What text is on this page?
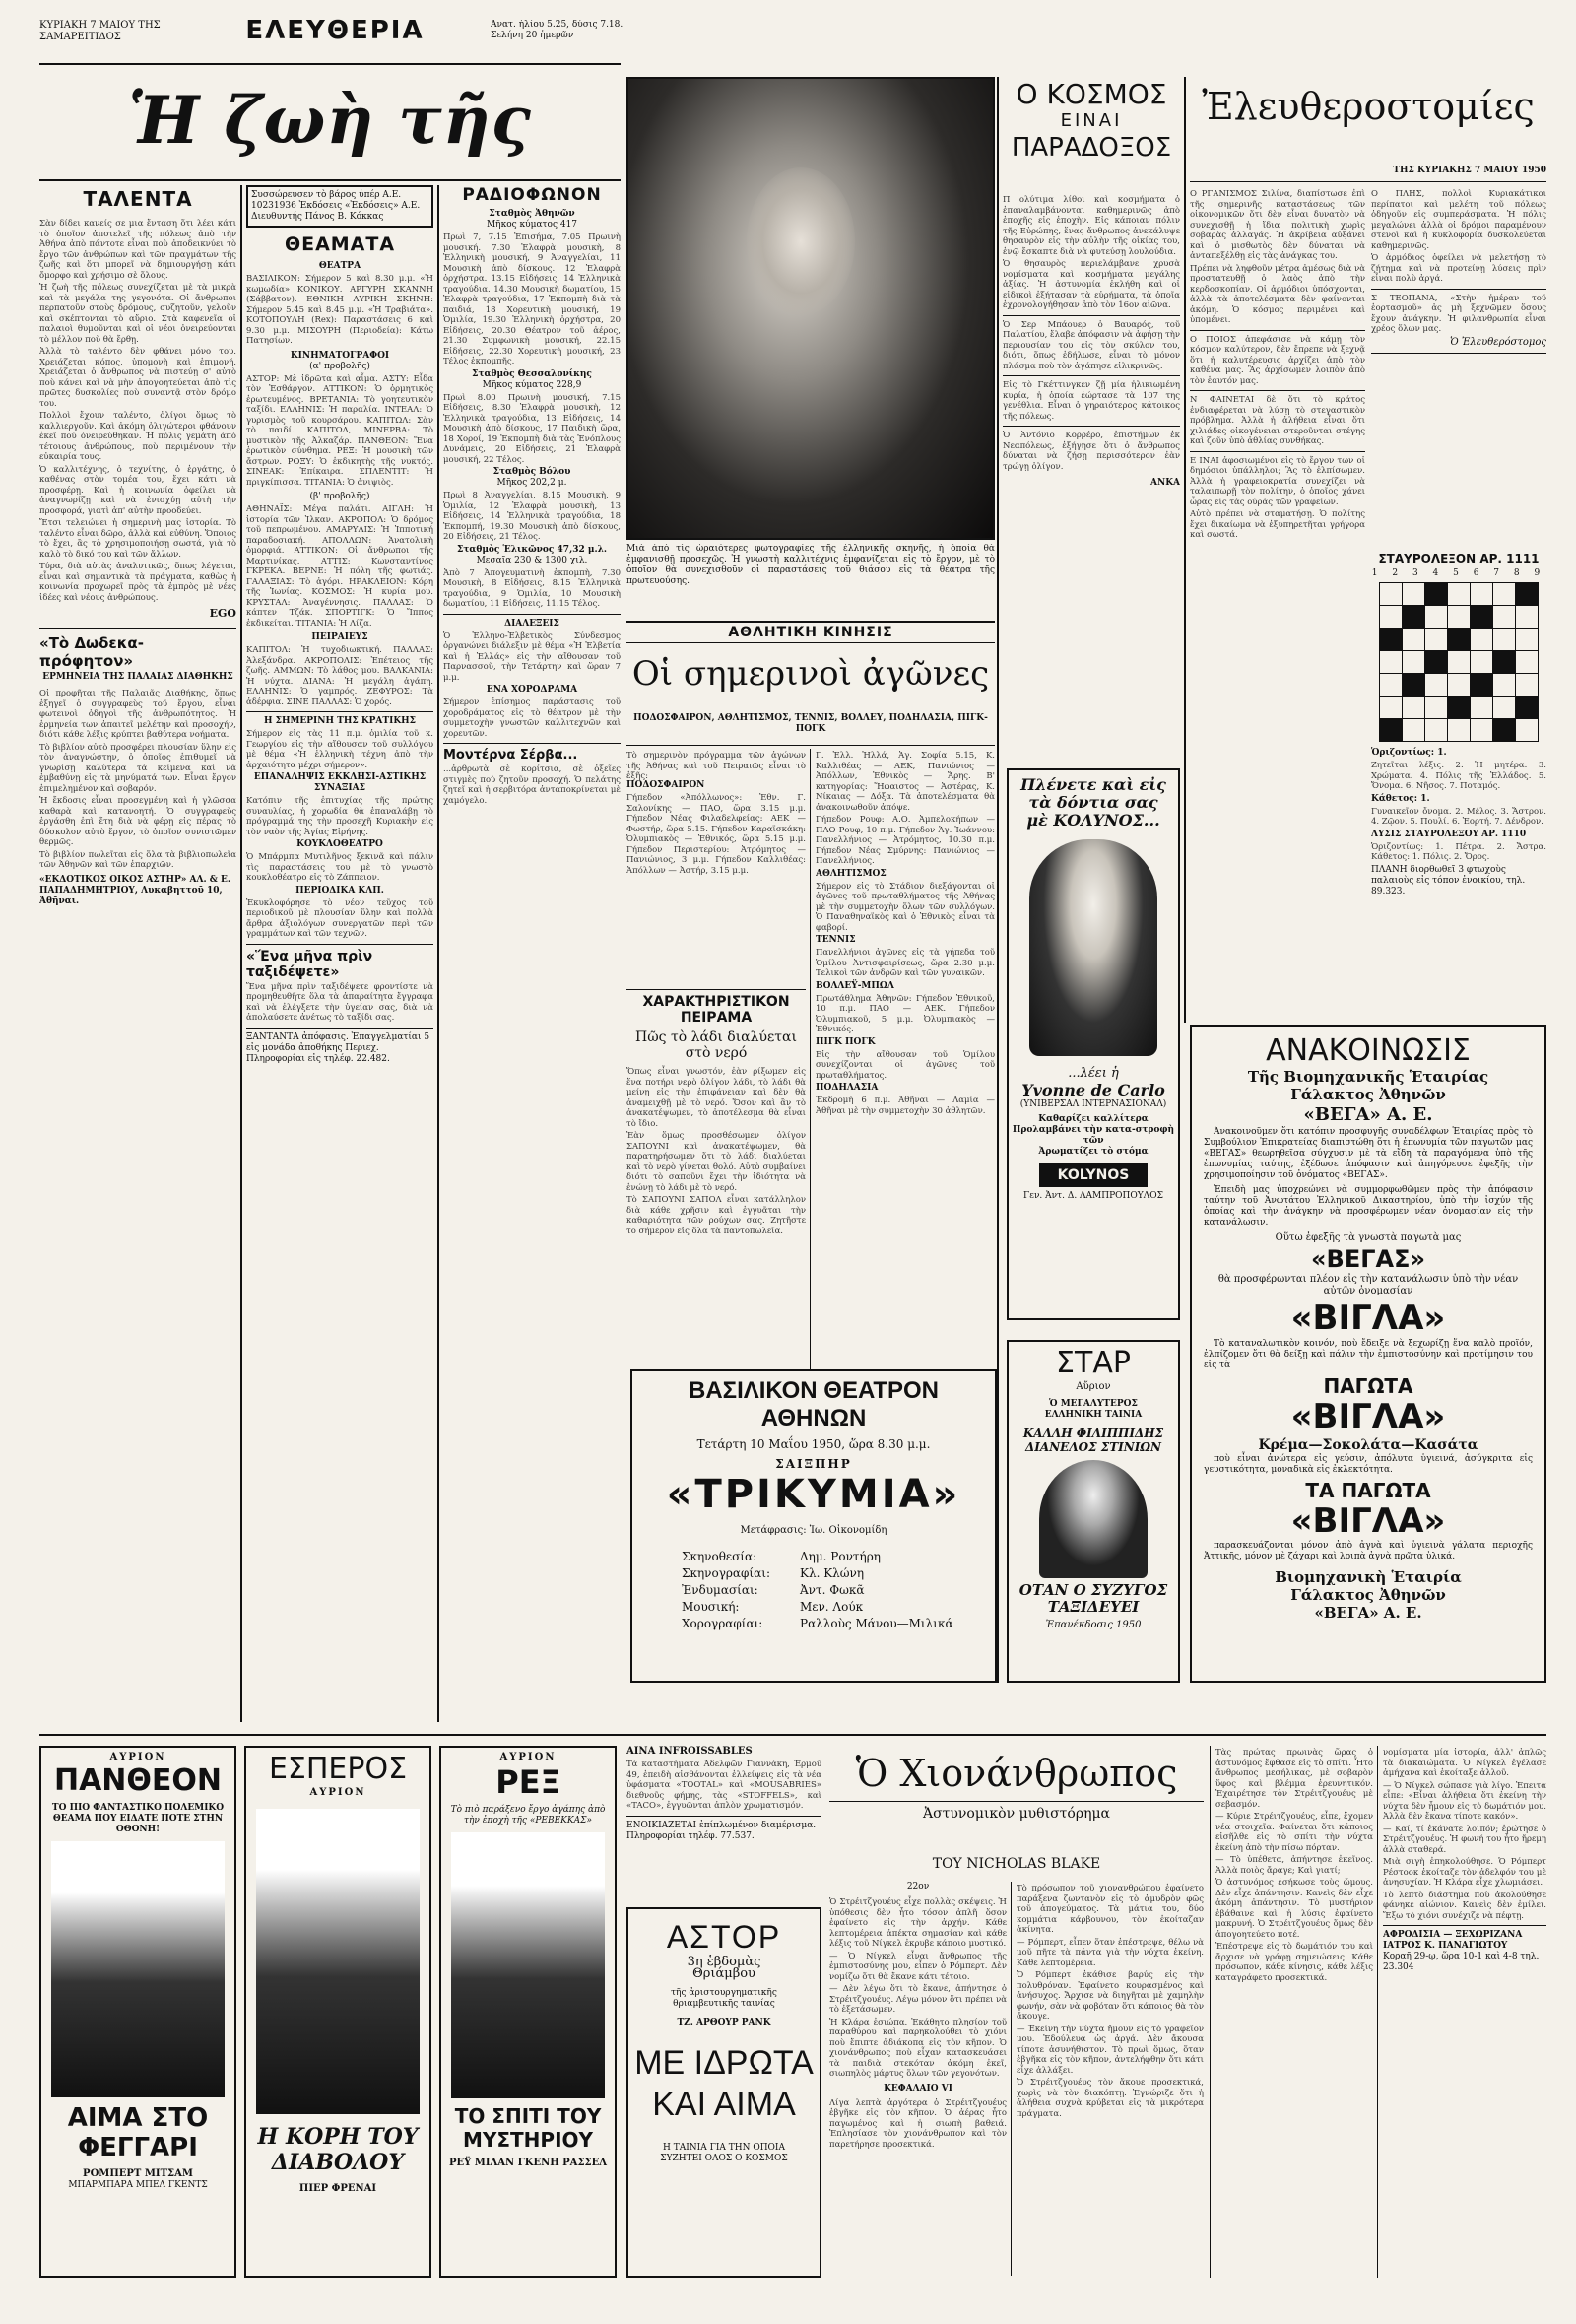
ΚΥΡΙΑΚΗ 7 ΜΑΪΟΥ ΤΗΣ ΣΑΜΑΡΕΙΤΙΔΟΣ	ΕΛΕΥΘΕΡΙΑ	Ἀνατ. ἡλίου 5.25, δύσις 7.18. Σελήνη 20 ἡμερῶν
Ἡ ζωὴ τῆς
ΤΑΛΕΝΤΑ

Σὰν δίδει κανείς σε μια ἔνταση ὅτι λέει κάτι τὸ ὁποῖον ἀποτελεῖ τῆς πόλεως ἀπὸ τὴν Ἀθήνα ἀπὸ πάντοτε εἶναι ποὺ ἀποδεικνύει τὸ ἔργο τῶν ἀνθρώπων καὶ τῶν πραγμάτων τῆς ζωῆς καὶ ὅτι μπορεῖ νὰ δημιουργήσῃ κάτι ὄμορφο καὶ χρήσιμο σὲ ὅλους.

Ἡ ζωὴ τῆς πόλεως συνεχίζεται μὲ τὰ μικρὰ καὶ τὰ μεγάλα της γεγονότα. Οἱ ἄνθρωποι περπατοῦν στοὺς δρόμους, συζητοῦν, γελοῦν καὶ σκέπτονται τὸ αὔριο. Στὰ καφενεῖα οἱ παλαιοὶ θυμοῦνται καὶ οἱ νέοι ὀνειρεύονται τὸ μέλλον ποὺ θὰ ἔρθῃ.

Ἀλλὰ τὸ ταλέντο δὲν φθάνει μόνο του. Χρειάζεται κόπος, ὑπομονὴ καὶ ἐπιμονή. Χρειάζεται ὁ ἄνθρωπος νὰ πιστεύῃ σ' αὐτὸ ποὺ κάνει καὶ νὰ μὴν ἀπογοητεύεται ἀπὸ τὶς πρῶτες δυσκολίες ποὺ συναντᾷ στὸν δρόμο του.

Πολλοὶ ἔχουν ταλέντο, ὀλίγοι ὅμως τὸ καλλιεργοῦν. Καὶ ἀκόμη ὀλιγώτεροι φθάνουν ἐκεῖ ποὺ ὀνειρεύθηκαν. Ἡ πόλις γεμάτη ἀπὸ τέτοιους ἀνθρώπους, ποὺ περιμένουν τὴν εὐκαιρία τους.

Ὁ καλλιτέχνης, ὁ τεχνίτης, ὁ ἐργάτης, ὁ καθένας στὸν τομέα του, ἔχει κάτι νὰ προσφέρῃ. Καὶ ἡ κοινωνία ὀφείλει νὰ ἀναγνωρίζῃ καὶ νὰ ἐνισχύῃ αὐτὴ τὴν προσφορά, γιατὶ ἀπ' αὐτὴν προοδεύει.

Ἔτσι τελειώνει ἡ σημερινὴ μας ἱστορία. Τὸ ταλέντο εἶναι δῶρο, ἀλλὰ καὶ εὐθύνη. Ὅποιος τὸ ἔχει, ἂς τὸ χρησιμοποιήσῃ σωστά, γιὰ τὸ καλὸ τὸ δικό του καὶ τῶν ἄλλων.

Τύρα, διὰ αὐτὰς ἀναλυτικῶς, ὅπως λέγεται, εἶναι καὶ σημαντικὰ τὰ πράγματα, καθὼς ἡ κοινωνία προχωρεῖ πρὸς τὰ ἐμπρὸς μὲ νέες ἰδέες καὶ νέους ἀνθρώπους.

EGO
«Τὸ Δωδεκα-πρόφητον»
ΕΡΜΗΝΕΙΑ ΤΗΣ ΠΑΛΑΙΑΣ ΔΙΑΘΗΚΗΣ

Οἱ προφῆται τῆς Παλαιᾶς Διαθήκης, ὅπως ἐξηγεῖ ὁ συγγραφεὺς τοῦ ἔργου, εἶναι φωτεινοὶ ὁδηγοὶ τῆς ἀνθρωπότητος. Ἡ ἑρμηνεία των ἀπαιτεῖ μελέτην καὶ προσοχήν, διότι κάθε λέξις κρύπτει βαθύτερα νοήματα.

Τὸ βιβλίον αὐτὸ προσφέρει πλουσίαν ὕλην εἰς τὸν ἀναγνώστην, ὁ ὁποῖος ἐπιθυμεῖ νὰ γνωρίσῃ καλύτερα τὰ κείμενα καὶ νὰ ἐμβαθύνῃ εἰς τὰ μηνύματά των. Εἶναι ἔργον ἐπιμελημένον καὶ σοβαρόν.

Ἡ ἔκδοσις εἶναι προσεγμένη καὶ ἡ γλῶσσα καθαρὰ καὶ κατανοητή. Ὁ συγγραφεὺς ἐργάσθη ἐπὶ ἔτη διὰ νὰ φέρῃ εἰς πέρας τὸ δύσκολον αὐτὸ ἔργον, τὸ ὁποῖον συνιστῶμεν θερμῶς.

Τὸ βιβλίον πωλεῖται εἰς ὅλα τὰ βιβλιοπωλεῖα τῶν Ἀθηνῶν καὶ τῶν ἐπαρχιῶν.

«ΕΚΔΟΤΙΚΟΣ ΟΙΚΟΣ ΑΣΤΗΡ» ΑΛ. & Ε. ΠΑΠΑΔΗΜΗΤΡΙΟΥ, Λυκαβηττοῦ 10, Ἀθῆναι.
Συσσώρευσεν τὸ βάρος ὑπέρ Α.Ε. 10231936 Ἐκδόσεις «Ἐκδόσεις» Α.Ε. Διευθυντής Πάνος Β. Κόκκας
ΘΕΑΜΑΤΑ
ΘΕΑΤΡΑ

ΒΑΣΙΛΙΚΟΝ: Σήμερον 5 καὶ 8.30 μ.μ. «Ἡ κωμωδία» ΚΟΝΙΚΟΥ. ΑΡΓΥΡΗ ΣΚΑΝΝΗ (Σάββατον). ΕΘΝΙΚΗ ΛΥΡΙΚΗ ΣΚΗΝΗ: Σήμερον 5.45 καὶ 8.45 μ.μ. «Ἡ Τραβιάτα». ΚΟΤΟΠΟΥΛΗ (Rex): Παραστάσεις 6 καὶ 9.30 μ.μ. ΜΙΣΟΥΡΗ (Περιοδεία): Κάτω Πατησίων.

ΚΙΝΗΜΑΤΟΓΡΑΦΟΙ
(α' προβολῆς)

ΑΣΤΟΡ: Μὲ ἰδρῶτα καὶ αἷμα. ΑΣΤΥ: Εἶδα τὸν Ἐσθάργον. ΑΤΤΙΚΟΝ: Ὁ ὁρμητικὸς ἐρωτευμένος. ΒΡΕΤΑΝΙΑ: Τὸ γοητευτικὸν ταξίδι. ΕΛΛΗΝΙΣ: Ἡ παραλία. ΙΝΤΕΑΛ: Ὁ γυρισμὸς τοῦ κουρσάρου. ΚΑΠΙΤΩΛ: Σὰν τὸ παιδί. ΚΑΠΙΤΩΛ, ΜΙΝΕΡΒΑ: Τὸ μυστικὸν τῆς Ἀλκαζάρ. ΠΑΝΘΕΟΝ: Ἕνα ἐρωτικὸν σύνθημα. ΡΕΞ: Ἡ μουσικὴ τῶν ἄστρων. ΡΟΞΥ: Ὁ ἐκδικητὴς τῆς νυκτός. ΣΙΝΕΑΚ: Ἐπίκαιρα. ΣΠΛΕΝΤΙΤ: Ἡ πριγκίπισσα. ΤΙΤΑΝΙΑ: Ὁ ἀνιψιὸς.

(β' προβολῆς)

ΑΘΗΝΑΪΣ: Μέγα παλάτι. ΑΙΓΛΗ: Ἡ ἱστορία τῶν Ἰλκαν. ΑΚΡΟΠΟΛ: Ὁ δρόμος τοῦ πεπρωμένου. ΑΜΑΡΥΛΙΣ: Ἡ Ἰπποτική παραδοσιακή. ΑΠΟΛΛΩΝ: Ἀνατολικὴ ὁμορφιά. ΑΤΤΙΚΟΝ: Οἱ ἄνθρωποι τῆς Μαρτινίκας. ΑΤΤΙΣ: Κωνσταντίνος ΓΚΡΕΚΑ. ΒΕΡΝΕ: Ἡ πόλη τῆς φωτιάς. ΓΑΛΑΞΙΑΣ: Τὸ ἀγόρι. ΗΡΑΚΛΕΙΟΝ: Κόρη τῆς Ἰωνίας. ΚΟΣΜΟΣ: Ἡ κυρία μου. ΚΡΥΣΤΑΛ: Ἀναγέννησις. ΠΑΛΛΑΣ: Ὁ κάπτεν Τζάκ. ΣΠΟΡΤΙΓΚ: Ὁ Ἴππος ἐκδικείται. ΤΙΤΑΝΙΑ: Ἡ Λίζα.

ΠΕΙΡΑΙΕΥΣ

ΚΑΠΙΤΟΛ: Ἡ τυχοδιωκτική. ΠΑΛΛΑΣ: Ἀλεξάνδρα. ΑΚΡΟΠΟΛΙΣ: Ἐπέτειος τῆς ζωῆς. ΑΜΜΩΝ: Τὸ λάθος μου. ΒΑΛΚΑΝΙΑ: Ἡ νύχτα. ΔΙΑΝΑ: Ἡ μεγάλη ἀγάπη. ΕΛΛΗΝΙΣ: Ὁ γαμπρός. ΖΕΦΥΡΟΣ: Τὰ ἀδέρφια. ΣΙΝΕ ΠΑΛΛΑΣ: Ὁ χορός.

Η ΣΗΜΕΡΙΝΗ ΤΗΣ ΚΡΑΤΙΚΗΣ

Σήμερον εἰς τὰς 11 π.μ. ὁμιλία τοῦ κ. Γεωργίου εἰς τὴν αἴθουσαν τοῦ συλλόγου μὲ θέμα «Ἡ ἑλληνικὴ τέχνη ἀπὸ τὴν ἀρχαιότητα μέχρι σήμερον».

ΕΠΑΝΑΛΗΨΙΣ ΕΚΚΛΗΣΙ-ΑΣΤΙΚΗΣ ΣΥΝΑΞΙΑΣ

Κατόπιν τῆς ἐπιτυχίας τῆς πρώτης συναυλίας, ἡ χορωδία θὰ ἐπαναλάβῃ τὸ πρόγραμμά της τὴν προσεχῆ Κυριακὴν εἰς τὸν ναὸν τῆς Ἁγίας Εἰρήνης.

ΚΟΥΚΛΟΘΕΑΤΡΟ

Ὁ Μπάρμπα Μυτιλῆνος ξεκινᾶ καὶ πάλιν τὶς παραστάσεις του μὲ τὸ γνωστὸ κουκλοθέατρο εἰς τὸ Ζάππειον.

ΠΕΡΙΟΔΙΚΑ ΚΛΠ.

Ἐκυκλοφόρησε τὸ νέον τεῦχος τοῦ περιοδικοῦ μὲ πλουσίαν ὕλην καὶ πολλὰ ἄρθρα ἀξιολόγων συνεργατῶν περὶ τῶν γραμμάτων καὶ τῶν τεχνῶν.

«Ἕνα μῆνα πρὶν ταξιδέψετε»

Ἕνα μῆνα πρὶν ταξιδέψετε φροντίστε νὰ προμηθευθῆτε ὅλα τὰ ἀπαραίτητα ἔγγραφα καὶ νὰ ἐλέγξετε τὴν ὑγείαν σας, διὰ νὰ ἀπολαύσετε ἀνέτως τὸ ταξίδι σας.

ΞΑΝΤΑΝΤΑ ἀπόφασις. Ἐπαγγελματίαι 5 εἰς μονάδα ἀποθήκης Περιεχ. Πληροφορίαι εἰς τηλέφ. 22.482.
ΡΑΔΙΟΦΩΝΟΝ
Σταθμὸς Ἀθηνῶν
Μῆκος κύματος 417

Πρωὶ 7, 7.15 Ἐπισήμα, 7.05 Πρωινὴ μουσική. 7.30 Ἐλαφρὰ μουσικὴ, 8 Ἐλληνικὴ μουσική, 9 Ἀναγγελίαι, 11 Μουσικὴ ἀπὸ δίσκους. 12 Ἐλαφρὰ ὀρχήστρα. 13.15 Εἰδήσεις. 14 Ἐλληνικὰ τραγούδια. 14.30 Μουσικὴ δωματίου, 15 Ἐλαφρὰ τραγούδια, 17 Ἐκπομπὴ διὰ τὰ παιδιά, 18 Χορευτικὴ μουσική, 19 Ὁμιλία, 19.30 Ἑλληνικὴ ὀρχήστρα, 20 Εἰδήσεις, 20.30 Θέατρον τοῦ ἀέρος, 21.30 Συμφωνικὴ μουσική, 22.15 Εἰδήσεις, 22.30 Χορευτικὴ μουσική, 23 Τέλος ἐκπομπῆς.

Σταθμὸς Θεσσαλονίκης
Μῆκος κύματος 228,9

Πρωὶ 8.00 Πρωινὴ μουσική, 7.15 Εἰδήσεις, 8.30 Ἐλαφρὰ μουσικὴ, 12 Ἐλληνικὰ τραγούδια, 13 Εἰδήσεις, 14 Μουσικὴ ἀπὸ δίσκους, 17 Παιδικὴ ὥρα, 18 Χοροί, 19 Ἐκπομπὴ διὰ τὰς Ἐνόπλους Δυνάμεις, 20 Εἰδήσεις, 21 Ἐλαφρὰ μουσική, 22 Τέλος.

Σταθμὸς Βόλου
Μῆκος 202,2 μ.

Πρωὶ 8 Ἀναγγελίαι, 8.15 Μουσικὴ, 9 Ὁμιλία, 12 Ἐλαφρὰ μουσικὴ, 13 Εἰδήσεις, 14 Ἐλληνικὰ τραγούδια, 18 Ἐκπομπή, 19.30 Μουσικὴ ἀπὸ δίσκους, 20 Εἰδήσεις, 21 Τέλος.

Σταθμὸς Ἑλικῶνος 47,32 μ.λ.
Μεσαῖα 230 & 1300 χιλ.

Ἀπὸ 7 Ἀπογευματινὴ ἐκπομπὴ, 7.30 Μουσικὴ, 8 Εἰδήσεις, 8.15 Ἐλληνικὰ τραγούδια, 9 Ὁμιλία, 10 Μουσικὴ δωματίου, 11 Εἰδήσεις, 11.15 Τέλος.

ΔΙΑΛΕΞΕΙΣ

Ὁ Ἑλληνο-Ἑλβετικὸς Σύνδεσμος ὀργανώνει διάλεξιν μὲ θέμα «Ἡ Ἑλβετία καὶ ἡ Ἑλλάς» εἰς τὴν αἴθουσαν τοῦ Παρνασσοῦ, τὴν Τετάρτην καὶ ὥραν 7 μ.μ.

ΕΝΑ ΧΟΡΟΔΡΑΜΑ

Σήμερον ἐπίσημος παράστασις τοῦ χοροδράματος εἰς τὸ θέατρον μὲ τὴν συμμετοχὴν γνωστῶν καλλιτεχνῶν καὶ χορευτῶν.

Μοντέρνα Σέρβα...

...ἀρθρωτὰ σὲ κορίτσια, σὲ ὀξεῖες στιγμὲς ποὺ ζητοῦν προσοχή. Ὁ πελάτης ζητεῖ καὶ ἡ σερβιτόρα ἀνταποκρίνεται μὲ χαμόγελο.

Μιὰ ἀπὸ τὶς ὡραιότερες φωτογραφίες τῆς ἐλληνικῆς σκηνῆς, ἡ ὁποία θὰ ἐμφανισθῇ προσεχῶς. Ἡ γνωστὴ καλλιτέχνις ἐμφανίζεται εἰς τὸ ἔργον, μὲ τὸ ὁποῖον θὰ συνεχισθοῦν οἱ παραστάσεις τοῦ θιάσου εἰς τὰ θέατρα τῆς πρωτευούσης.
ΑΘΛΗΤΙΚΗ ΚΙΝΗΣΙΣ
Οἱ σημερινοὶ ἀγῶνες
ΠΟΔΟΣΦΑΙΡΟΝ, ΑΘΛΗΤΙΣΜΟΣ, ΤΕΝΝΙΣ, ΒΟΛΛΕΫ, ΠΟΔΗΛΑΣΙΑ, ΠΙΓΚ-ΠΟΓΚ

Τὸ σημερινὸν πρόγραμμα τῶν ἀγώνων τῆς Ἀθήνας καὶ τοῦ Πειραιῶς εἶναι τὸ ἑξῆς:

ΠΟΔΟΣΦΑΙΡΟΝ

Γήπεδον «Ἀπόλλωνος»: Ἐθν. Γ. Σαλονίκης — ΠΑΟ, ὥρα 3.15 μ.μ. Γήπεδον Νέας Φιλαδελφείας: ΑΕΚ — Φωστήρ, ὥρα 5.15. Γήπεδον Καραϊσκάκη: Ὀλυμπιακὸς — Ἐθνικός, ὥρα 5.15 μ.μ. Γήπεδον Περιστερίου: Ἀτρόμητος — Πανιώνιος, 3 μ.μ. Γήπεδον Καλλιθέας: Ἀπόλλων — Ἀστήρ, 3.15 μ.μ.

Γ. Ἑλλ. Ἠλλά, Ἁγ. Σοφία 5.15, Κ. Καλλιθέας — ΑΕΚ, Πανιώνιος — Ἀπόλλων, Ἐθνικὸς — Ἄρης. Β' κατηγορίας: Ἥφαιστος — Ἀστέρας, Κ. Νίκαιας — Δόξα. Τὰ ἀποτελέσματα θὰ ἀνακοινωθοῦν ἀπόψε.

Γήπεδον Ρουφ: Α.Ο. Ἀμπελοκήπων — ΠΑΟ Ρουφ, 10 π.μ. Γήπεδον Ἁγ. Ἰωάννου: Πανελλήνιος — Ἀτρόμητος, 10.30 π.μ. Γήπεδον Νέας Σμύρνης: Πανιώνιος — Πανελλήνιος.

ΑΘΛΗΤΙΣΜΟΣ

Σήμερον εἰς τὸ Στάδιον διεξάγονται οἱ ἀγῶνες τοῦ πρωταθλήματος τῆς Ἀθήνας μὲ τὴν συμμετοχὴν ὅλων τῶν συλλόγων. Ὁ Παναθηναϊκὸς καὶ ὁ Ἐθνικὸς εἶναι τὰ φαβορί.

ΤΕΝΝΙΣ

Πανελλήνιοι ἀγῶνες εἰς τὰ γήπεδα τοῦ Ὁμίλου Ἀντισφαιρίσεως, ὥρα 2.30 μ.μ. Τελικοὶ τῶν ἀνδρῶν καὶ τῶν γυναικῶν.

ΒΟΛΛΕΫ-ΜΠΩΛ

Πρωτάθλημα Ἀθηνῶν: Γήπεδον Ἐθνικοῦ, 10 π.μ. ΠΑΟ — ΑΕΚ. Γήπεδον Ὀλυμπιακοῦ, 5 μ.μ. Ὀλυμπιακὸς — Ἐθνικός.

ΠΙΓΚ ΠΟΓΚ

Εἰς τὴν αἴθουσαν τοῦ Ὁμίλου συνεχίζονται οἱ ἀγῶνες τοῦ πρωταθλήματος.

ΠΟΔΗΛΑΣΙΑ

Ἐκδρομὴ 6 π.μ. Ἀθῆναι — Λαμία — Ἀθῆναι μὲ τὴν συμμετοχὴν 30 ἀθλητῶν.

ΧΑΡΑΚΤΗΡΙΣΤΙΚΟΝ ΠΕΙΡΑΜΑ
Πῶς τὸ λάδι διαλύεται στὸ νερό

Ὅπως εἶναι γνωστόν, ἐὰν ρίξωμεν εἰς ἕνα ποτήρι νερὸ ὀλίγον λάδι, τὸ λάδι θὰ μείνῃ εἰς τὴν ἐπιφάνειαν καὶ δὲν θὰ ἀναμειχθῇ μὲ τὸ νερό. Ὅσον καὶ ἂν τὸ ἀνακατέψωμεν, τὸ ἀποτέλεσμα θὰ εἶναι τὸ ἴδιο.

Ἐὰν ὅμως προσθέσωμεν ὀλίγον ΣΑΠΟΥΝΙ καὶ ἀνακατέψωμεν, θὰ παρατηρήσωμεν ὅτι τὸ λάδι διαλύεται καὶ τὸ νερὸ γίνεται θολό. Αὐτὸ συμβαίνει διότι τὸ σαποῦνι ἔχει τὴν ἰδιότητα νὰ ἑνώνῃ τὸ λάδι μὲ τὸ νερό.

Τὸ ΣΑΠΟΥΝΙ ΣΑΠΟΛ εἶναι κατάλληλον διὰ κάθε χρῆσιν καὶ ἐγγυᾶται τὴν καθαριότητα τῶν ρούχων σας. Ζητῆστε το σήμερον εἰς ὅλα τὰ παντοπωλεῖα.

ΒΑΣΙΛΙΚΟΝ ΘΕΑΤΡΟΝ ΑΘΗΝΩΝ
Τετάρτη 10 Μαΐου 1950, ὥρα 8.30 μ.μ.
ΣΑΙΞΠΗΡ
«ΤΡΙΚΥΜΙΑ»
Μετάφρασις: Ἰω. Οἰκονομίδη
Σκηνοθεσία:	Δημ. Ροντήρη
Σκηνογραφίαι:	Κλ. Κλώνη
Ἐνδυμασίαι:	Ἀντ. Φωκᾶ
Μουσική:	Μεν. Λούκ
Χορογραφίαι:	Ραλλοὺς Μάνου—Μιλικά
Ο ΚΟΣΜΟΣ
ΕΙΝΑΙ
ΠΑΡΑΔΟΞΟΣ

Π ολύτιμα λίθοι καὶ κοσμήματα ὁ ἐπαναλαμβάνονται καθημερινῶς ἀπὸ ἐποχῆς εἰς ἐποχὴν. Εἰς κάποιαν πόλιν τῆς Εὐρώπης, ἕνας ἄνθρωπος ἀνεκάλυψε θησαυρὸν εἰς τὴν αὐλὴν τῆς οἰκίας του, ἐνῷ ἔσκαπτε διὰ νὰ φυτεύσῃ λουλούδια.

Ὁ θησαυρὸς περιελάμβανε χρυσὰ νομίσματα καὶ κοσμήματα μεγάλης ἀξίας. Ἡ ἀστυνομία ἐκλήθη καὶ οἱ εἰδικοὶ ἐξήτασαν τὰ εὑρήματα, τὰ ὁποῖα ἐχρονολογήθησαν ἀπὸ τὸν 16ον αἰῶνα.

Ὁ Σερ Μπάουερ ὁ Βαυαρός, τοῦ Παλατίου, ἔλαβε ἀπόφασιν νὰ ἀφήσῃ τὴν περιουσίαν του εἰς τὸν σκύλον του, διότι, ὅπως ἐδήλωσε, εἶναι τὸ μόνον πλάσμα ποὺ τὸν ἀγάπησε εἰλικρινῶς.

Εἰς τὸ Γκέττινγκεν ζῇ μία ἡλικιωμένη κυρία, ἡ ὁποία ἑώρτασε τὰ 107 της γενέθλια. Εἶναι ὁ γηραιότερος κάτοικος τῆς πόλεως.

Ὁ Ἀντόνιο Κορρέρο, ἐπιστήμων ἐκ Νεαπόλεως, ἐξήγησε ὅτι ὁ ἄνθρωπος δύναται νὰ ζήσῃ περισσότερον ἐὰν τρώγῃ ὀλίγον.

ΑΝΚΑ
Πλένετε καὶ εἰς
τὰ δόντια σας
μὲ ΚΟΛΥΝΟΣ...
...λέει ἡ
Yvonne de Carlo
(ΥΝΙΒΕΡΣΑΛ ΙΝΤΕΡΝΑΣΙΟΝΑΛ)
Καθαρίζει καλλίτερα
Προλαμβάνει τὴν κατα-στροφὴ τῶν
Ἀρωματίζει τὸ στόμα
KOLYNOS
Γεν. Ἀντ. Δ. ΛΑΜΠΡΟΠΟΥΛΟΣ
ΣΤΑΡ
Αὔριον
Ὁ ΜΕΓΑΛΥΤΕΡΟΣ
ΕΛΛΗΝΙΚΗ ΤΑΙΝΙΑ
ΚΑΛΛΗ ΦΙΛΙΠΠΙΔΗΣ ΔΙΑΝΕΛΟΣ ΣΤΙΝΙΩΝ
ΟΤΑΝ Ο ΣΥΖΥΓΟΣ ΤΑΞΙΔΕΥΕΙ
Ἐπανέκδοσις 1950
Ἐλευθεροστομίες
ΤΗΣ ΚΥΡΙΑΚΗΣ 7 ΜΑΪΟΥ 1950

Ο ΡΓΑΝΙΣΜΟΣ Σιλίνα, διαπίστωσε ἐπὶ τῆς σημερινῆς καταστάσεως τῶν οἰκονομικῶν ὅτι δὲν εἶναι δυνατὸν νὰ συνεχισθῇ ἡ ἴδια πολιτικὴ χωρὶς σοβαρὰς ἀλλαγάς. Ἡ ἀκρίβεια αὐξάνει καὶ ὁ μισθωτὸς δὲν δύναται νὰ ἀνταπεξέλθῃ εἰς τὰς ἀνάγκας του.

Πρέπει νὰ ληφθοῦν μέτρα ἀμέσως διὰ νὰ προστατευθῇ ὁ λαὸς ἀπὸ τὴν κερδοσκοπίαν. Οἱ ἁρμόδιοι ὑπόσχονται, ἀλλὰ τὰ ἀποτελέσματα δὲν φαίνονται ἀκόμη. Ὁ κόσμος περιμένει καὶ ὑπομένει.

Ο ΠΟΙΟΣ ἀπεφάσισε νὰ κάμῃ τὸν κόσμον καλύτερον, δὲν ἔπρεπε νὰ ξεχνᾷ ὅτι ἡ καλυτέρευσις ἀρχίζει ἀπὸ τὸν καθένα μας. Ἂς ἀρχίσωμεν λοιπὸν ἀπὸ τὸν ἑαυτόν μας.

Ν ΦΑΙΝΕΤΑΙ δὲ ὅτι τὸ κράτος ἐνδιαφέρεται νὰ λύσῃ τὸ στεγαστικὸν πρόβλημα. Ἀλλὰ ἡ ἀλήθεια εἶναι ὅτι χιλιάδες οἰκογένειαι στεροῦνται στέγης καὶ ζοῦν ὑπὸ ἀθλίας συνθήκας.

Ε ΙΝΑΙ ἀφοσιωμένοι εἰς τὸ ἔργον των οἱ δημόσιοι ὑπάλληλοι; Ἂς τὸ ἐλπίσωμεν. Ἀλλὰ ἡ γραφειοκρατία συνεχίζει νὰ ταλαιπωρῇ τὸν πολίτην, ὁ ὁποῖος χάνει ὧρας εἰς τὰς οὐρὰς τῶν γραφείων.

Αὐτὸ πρέπει νὰ σταματήσῃ. Ὁ πολίτης ἔχει δικαίωμα νὰ ἐξυπηρετῆται γρήγορα καὶ σωστά.

Ο ΠΛΗΣ, πολλοὶ Κυριακάτικοι περίπατοι καὶ μελέτη τοῦ πόλεως ὁδηγοῦν εἰς συμπεράσματα. Ἡ πόλις μεγαλώνει ἀλλὰ οἱ δρόμοι παραμένουν στενοὶ καὶ ἡ κυκλοφορία δυσκολεύεται καθημερινῶς.

Ὁ ἁρμόδιος ὀφείλει νὰ μελετήσῃ τὸ ζήτημα καὶ νὰ προτείνῃ λύσεις πρὶν εἶναι πολὺ ἀργά.

Σ ΤΕΟΠΑΝΑ, «Στὴν ἡμέραν τοῦ ἑορτασμοῦ» ἀς μὴ ξεχνῶμεν ὅσους ἔχουν ἀνάγκην. Ἡ φιλανθρωπία εἶναι χρέος ὅλων μας.

Ὁ Ἐλευθερόστομος
ΣΤΑΥΡΟΛΕΞΟΝ ΑΡ. 1111
1 2 3 4 5 6 7 8 9

Ὁριζοντίως: 1.

Ζητεῖται λέξις. 2. Ἡ μητέρα. 3. Χρώματα. 4. Πόλις τῆς Ἑλλάδος. 5. Ὄνομα. 6. Νῆσος. 7. Ποταμός.

Κάθετος: 1.

Γυναικεῖον ὄνομα. 2. Μέλος. 3. Ἄστρον. 4. Ζῷον. 5. Πουλί. 6. Ἑορτή. 7. Δένδρον.

ΛΥΣΙΣ ΣΤΑΥΡΟΛΕΞΟΥ ΑΡ. 1110

Ὁριζοντίως: 1. Πέτρα. 2. Ἄστρα. Κάθετος: 1. Πόλις. 2. Ὄρος.

ΠΛΑΝΗ διορθωθεῖ 3 φτωχοὺς παλαιοὺς εἰς τόπον ἐνοικίου, τηλ. 89.323.
ΑΝΑΚΟΙΝΩΣΙΣ
Τῆς Βιομηχανικῆς Ἑταιρίας Γάλακτος Ἀθηνῶν
«ΒΕΓΑ» Α. Ε.

Ἀνακοινοῦμεν ὅτι κατόπιν προσφυγῆς συναδέλφων Ἑταιρίας πρὸς τὸ Συμβούλιον Ἐπικρατείας διαπιστώθη ὅτι ἡ ἐπωνυμία τῶν παγωτῶν μας «ΒΕΓΑΣ» θεωρηθεῖσα σύγχυσιν μὲ τὰ εἴδη τὰ παραγόμενα ὑπὸ τῆς ἐπωνυμίας ταύτης, ἐξέδωσε ἀπόφασιν καὶ ἀπηγόρευσε ἐφεξῆς τὴν χρησιμοποίησιν τοῦ ὀνόματος «ΒΕΓΑΣ».

Ἐπειδὴ μας ὑποχρεώνει νὰ συμμορφωθῶμεν πρὸς τὴν ἀπόφασιν ταύτην τοῦ Ἀνωτάτου Ἑλληνικοῦ Δικαστηρίου, ὑπὸ τὴν ἰσχύν τῆς ὁποίας καὶ τὴν ἀνάγκην νὰ προσφέρωμεν νέαν ὀνομασίαν εἰς τὴν κατανάλωσιν.

Οὕτω ἐφεξῆς τὰ γνωστὰ παγωτὰ μας
«ΒΕΓΑΣ»
θὰ προσφέρωνται πλέον εἰς τὴν κατανάλωσιν ὑπὸ τὴν νέαν αὐτῶν ὀνομασίαν
«ΒΙΓΛΑ»

Τὸ καταναλωτικὸν κοινόν, ποὺ ἔδειξε νὰ ξεχωρίζῃ ἕνα καλὸ προϊόν, ἐλπίζομεν ὅτι θὰ δείξῃ καὶ πάλιν τὴν ἐμπιστοσύνην καὶ προτίμησιν του εἰς τὰ

ΠΑΓΩΤΑ
«ΒΙΓΛΑ»
Κρέμα—Σοκολάτα—Κασάτα

ποὺ εἶναι ἀνώτερα εἰς γεύσιν, ἀπόλυτα ὑγιεινά, ἀσύγκριτα εἰς γευστικότητα, μοναδικὰ εἰς ἐκλεκτότητα.

ΤΑ ΠΑΓΩΤΑ
«ΒΙΓΛΑ»

παρασκευάζονται μόνον ἀπὸ ἀγνὰ καὶ ὑγιεινὰ γάλατα περιοχῆς Ἀττικῆς, μόνον μὲ ζάχαρι καὶ λοιπὰ ἀγνὰ πρῶτα ὑλικά.

Βιομηχανικὴ Ἑταιρία
Γάλακτος Ἀθηνῶν
«ΒΕΓΑ» Α. Ε.
ΑΥΡΙΟΝ
ΠΑΝΘΕΟΝ
ΤΟ ΠΙΟ ΦΑΝΤΑΣΤΙΚΟ ΠΟΛΕΜΙΚΟ ΘΕΑΜΑ ΠΟΥ ΕΙΔΑΤΕ ΠΟΤΕ ΣΤΗΝ ΟΘΟΝΗ!
ΑΙΜΑ ΣΤΟ ΦΕΓΓΑΡΙ
ΡΟΜΠΕΡΤ ΜΙΤΣΑΜ
ΜΠΑΡΜΠΑΡΑ ΜΠΕΛ ΓΚΕΝΤΣ
ΕΣΠΕΡΟΣ
ΑΥΡΙΟΝ
Η ΚΟΡΗ ΤΟΥ ΔΙΑΒΟΛΟΥ
ΠΙΕΡ ΦΡΕΝΑΙ
ΑΥΡΙΟΝ
ΡΕΞ
Τὸ πιὸ παράξενο ἔργο ἀγάπης ἀπὸ τὴν ἐποχὴ τῆς «ΡΕΒΕΚΚΑΣ»
ΤΟ ΣΠΙΤΙ ΤΟΥ ΜΥΣΤΗΡΙΟΥ
ΡΕΫ ΜΙΛΑΝ ΓΚΕΝΗ ΡΑΣΣΕΛ
AINA INFROISSABLES

Τὰ καταστήματα Ἀδελφῶν Γιαννάκη, Ἑρμοῦ 49, ἐπειδὴ αἰσθάνονται ἐλλείψεις εἰς τὰ νέα ὑφάσματα «ΤΟΟΤΑL» καὶ «MOUSABRIES» διεθνοῦς φήμης, τὰς «STOFFELS», καὶ «TACO», ἐγγυῶνται ἁπλὸν χρωματισμόν.

ΕΝΟΙΚΙΑΖΕΤΑΙ ἐπίπλωμένον διαμέρισμα. Πληροφορίαι τηλέφ. 77.537.
ΑΣΤΟΡ
3η ἑβδομὰς
Θριάμβου
τῆς ἀριστουργηματικῆς θριαμβευτικῆς ταινίας
ΤΖ. ΑΡΘΟΥΡ ΡΑΝΚ
ΜΕ ΙΔΡΩΤΑ
ΚΑΙ ΑΙΜΑ
Η ΤΑΙΝΙΑ ΓΙΑ ΤΗΝ ΟΠΟΙΑ ΣΥΖΗΤΕΙ ΟΛΟΣ Ο ΚΟΣΜΟΣ
Ὁ Χιονάνθρωπος
Ἀστυνομικὸν μυθιστόρημα
ΤΟΥ NICHOLAS BLAKE
22ον

Ὁ Στρέιτζγουέυς εἶχε πολλὰς σκέψεις. Ἡ ὑπόθεσις δὲν ἦτο τόσον ἁπλῆ ὅσον ἐφαίνετο εἰς τὴν ἀρχήν. Κάθε λεπτομέρεια ἀπέκτα σημασίαν καὶ κάθε λέξις τοῦ Νίγκελ ἐκρυβε κάποιο μυστικό.

— Ὁ Νίγκελ εἶναι ἄνθρωπος τῆς ἐμπιστοσύνης μου, εἶπεν ὁ Ρόμπερτ. Δὲν νομίζω ὅτι θὰ ἔκανε κάτι τέτοιο.

— Δὲν λέγω ὅτι τὸ ἔκανε, ἀπήντησε ὁ Στρέιτζγουέυς. Λέγω μόνον ὅτι πρέπει νὰ τὸ ἐξετάσωμεν.

Ἡ Κλάρα ἐσιώπα. Ἐκάθητο πλησίον τοῦ παραθύρου καὶ παρηκολούθει τὸ χιόνι ποὺ ἔπιπτε ἀδιάκοπα εἰς τὸν κῆπον. Ὁ χιονάνθρωπος ποὺ εἶχαν κατασκευάσει τὰ παιδιὰ στεκόταν ἀκόμη ἐκεῖ, σιωπηλὸς μάρτυς ὅλων τῶν γεγονότων.

ΚΕΦΑΛΑΙΟ VI

Λίγα λεπτὰ ἀργότερα ὁ Στρέιτζγουέυς ἐβγῆκε εἰς τὸν κῆπον. Ὁ ἀέρας ἦτο παγωμένος καὶ ἡ σιωπὴ βαθειά. Ἐπλησίασε τὸν χιονάνθρωπον καὶ τὸν παρετήρησε προσεκτικά.

Τὸ πρόσωπον τοῦ χιονανθρώπου ἐφαίνετο παράξενα ζωντανὸν εἰς τὸ ἀμυδρὸν φῶς τοῦ ἀπογεύματος. Τὰ μάτια του, δύο κομμάτια κάρβουνου, τὸν ἐκοίταζαν ἀκίνητα.

— Ρόμπερτ, εἶπεν ὅταν ἐπέστρεψε, θέλω νὰ μοῦ πῆτε τὰ πάντα γιὰ τὴν νύχτα ἐκείνη. Κάθε λεπτομέρεια.

Ὁ Ρόμπερτ ἐκάθισε βαρύς εἰς τὴν πολυθρόναν. Ἐφαίνετο κουρασμένος καὶ ἀνήσυχος. Ἄρχισε νὰ διηγῆται μὲ χαμηλὴν φωνήν, σὰν νὰ φοβόταν ὅτι κάποιος θὰ τὸν ἄκουγε.

— Ἐκείνη τὴν νύχτα ἤμουν εἰς τὸ γραφεῖον μου. Ἐδούλευα ὡς ἀργά. Δὲν ἄκουσα τίποτε ἀσυνήθιστον. Τὸ πρωὶ ὅμως, ὅταν ἐβγῆκα εἰς τὸν κῆπον, ἀντελήφθην ὅτι κάτι εἶχε ἀλλάξει.

Ὁ Στρέιτζγουέυς τὸν ἄκουε προσεκτικά, χωρὶς νὰ τὸν διακόπτῃ. Ἐγνώριζε ὅτι ἡ ἀλήθεια συχνὰ κρύβεται εἰς τὰ μικρότερα πράγματα.

Τὰς πρώτας πρωινὰς ὥρας ὁ ἀστυνόμος ἔφθασε εἰς τὸ σπίτι. Ἦτο ἄνθρωπος μεσήλικας, μὲ σοβαρὸν ὕφος καὶ βλέμμα ἐρευνητικόν. Ἐχαιρέτησε τὸν Στρέιτζγουέυς μὲ σεβασμόν.

— Κύριε Στρέιτζγουέυς, εἶπε, ἔχομεν νέα στοιχεῖα. Φαίνεται ὅτι κάποιος εἰσῆλθε εἰς τὸ σπίτι τὴν νύχτα ἐκείνη ἀπὸ τὴν πίσω πόρταν.

— Τὸ ὑπέθετα, ἀπήντησε ἐκεῖνος. Ἀλλὰ ποιὸς ἄραγε; Καὶ γιατί;

Ὁ ἀστυνόμος ἐσήκωσε τοὺς ὤμους. Δὲν εἶχε ἀπάντησιν. Κανεὶς δὲν εἶχε ἀκόμη ἀπάντησιν. Τὸ μυστήριον ἐβάθαινε καὶ ἡ λύσις ἐφαίνετο μακρυνή. Ὁ Στρέιτζγουέυς ὅμως δὲν ἀπογοητεύετο ποτέ.

Ἐπέστρεψε εἰς τὸ δωμάτιόν του καὶ ἄρχισε νὰ γράφῃ σημειώσεις. Κάθε πρόσωπον, κάθε κίνησις, κάθε λέξις καταγράφετο προσεκτικά.

νομίσματα μία ἱστορία, ἀλλ' ἀπλῶς τὰ διακαιώματα. Ὁ Νίγκελ ἐγέλασε ἀμήχανα καὶ ἐκοίταξε ἀλλοῦ.

— Ὁ Νίγκελ σώπασε γιὰ λίγο. Ἐπειτα εἶπε: «Εἶναι ἀλήθεια ὅτι ἐκείνη τὴν νύχτα δὲν ἦμουν εἰς τὸ δωμάτιόν μου. Ἀλλὰ δὲν ἔκανα τίποτε κακόν».

— Καί, τί ἐκάνατε λοιπόν; ἐρώτησε ὁ Στρέιτζγουέυς. Ἡ φωνή του ἦτο ἤρεμη ἀλλὰ σταθερά.

Μιὰ σιγὴ ἐπηκολούθησε. Ὁ Ρόμπερτ Ρέστοοκ ἐκοίταζε τὸν ἀδελφόν του μὲ ἀνησυχίαν. Ἡ Κλάρα εἶχε χλωμιάσει.

Τὸ λεπτὸ διάστημα ποὺ ἀκολούθησε φάνηκε αἰώνιον. Κανεὶς δὲν ἐμίλει. Ἔξω τὸ χιόνι συνέχιζε νὰ πέφτῃ.

ΑΦΡΟΔΙΣΙΑ — ΞΕΧΩΡΙΖΑΝΑ ΙΑΤΡΟΣ Κ. ΠΑΝΑΓΙΩΤΟΥ
Κοραῆ 29-ῳ, ὥρα 10-1 καὶ 4-8 τηλ. 23.304
